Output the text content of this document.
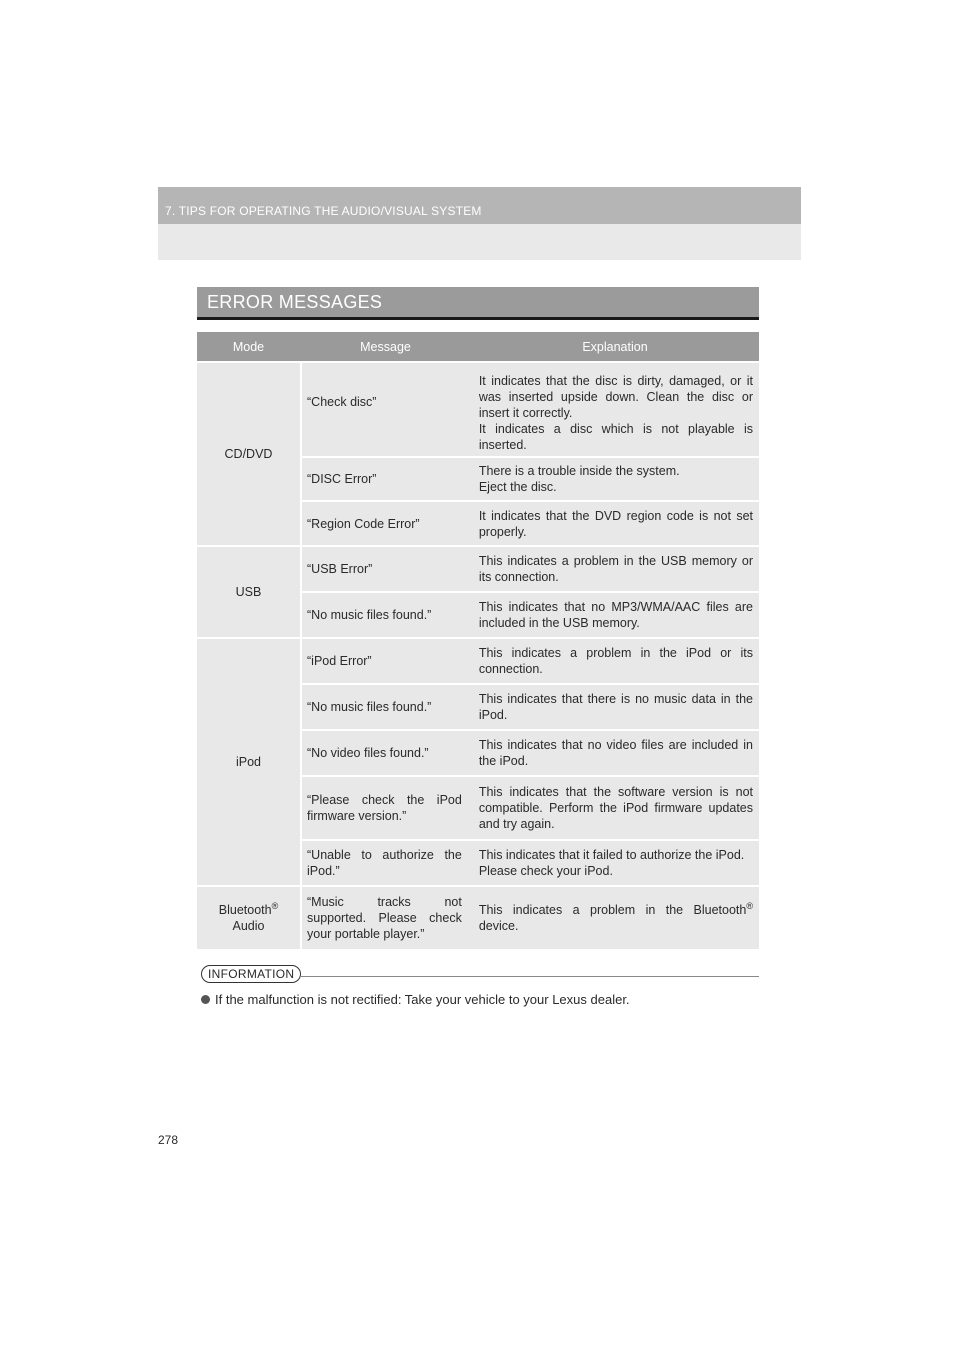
7. TIPS FOR OPERATING THE AUDIO/VISUAL SYSTEM
ERROR MESSAGES
Mode	Message	Explanation
CD/DVD
“Check disc”
It indicates that the disc is dirty, damaged, or it was inserted upside down. Clean the disc or insert it correctly.
It indicates a disc which is not playable is inserted.
“DISC Error”
There is a trouble inside the system.
Eject the disc.
“Region Code Error”
It indicates that the DVD region code is not set properly.
USB
“USB Error”
This indicates a problem in the USB memory or its connection.
“No music files found.”
This indicates that no MP3/WMA/AAC files are included in the USB memory.
iPod
“iPod Error”
This indicates a problem in the iPod or its connection.
“No music files found.”
This indicates that there is no music data in the iPod.
“No video files found.”
This indicates that no video files are included in the iPod.
“Please check the iPod firmware version.”
This indicates that the software version is not compatible. Perform the iPod firmware updates and try again.
“Unable to authorize the iPod.”
This indicates that it failed to authorize the iPod.
Please check your iPod.
Bluetooth®
Audio
“Music tracks not supported. Please check your portable player.”
This indicates a problem in the Bluetooth® device.
INFORMATION
If the malfunction is not rectified: Take your vehicle to your Lexus dealer.
278
